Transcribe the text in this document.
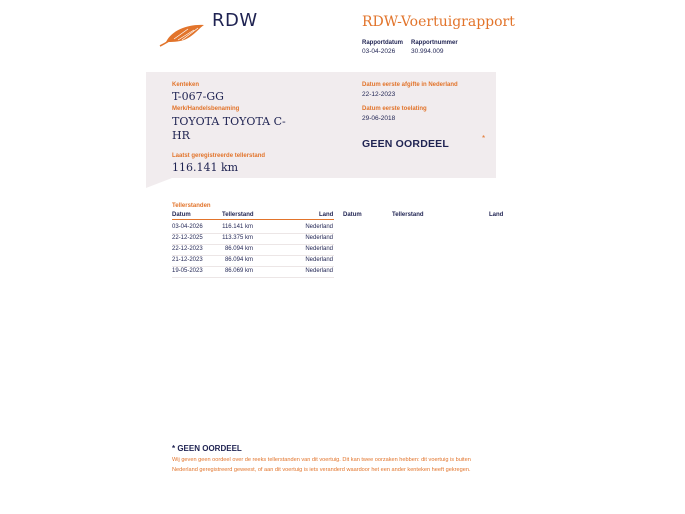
RDW	RDW-Voertuigrapport
Rapportdatum
03-04-2026
Rapportnummer
30.994.009
Kenteken
T-067-GG
Merk/Handelsbenaming
TOYOTA TOYOTA C-
HR
Laatst geregistreerde tellerstand
116.141 km
Datum eerste afgifte in Nederland
22-12-2023
Datum eerste toelating
29-06-2018
GEEN OORDEEL	*
Tellerstanden
Datum	Tellerstand	Land Datum	Tellerstand	Land
03-04-2026	116.141 km	Nederland
22-12-2025	113.375 km	Nederland
22-12-2023	86.094 km	Nederland
21-12-2023	86.094 km	Nederland
19-05-2023	86.069 km	Nederland
* GEEN OORDEEL
Wij geven geen oordeel over de reeks tellerstanden van dit voertuig. Dit kan twee oorzaken hebben: dit voertuig is buiten Nederland geregistreerd geweest, of aan dit voertuig is iets veranderd waardoor het een ander kenteken heeft gekregen.
